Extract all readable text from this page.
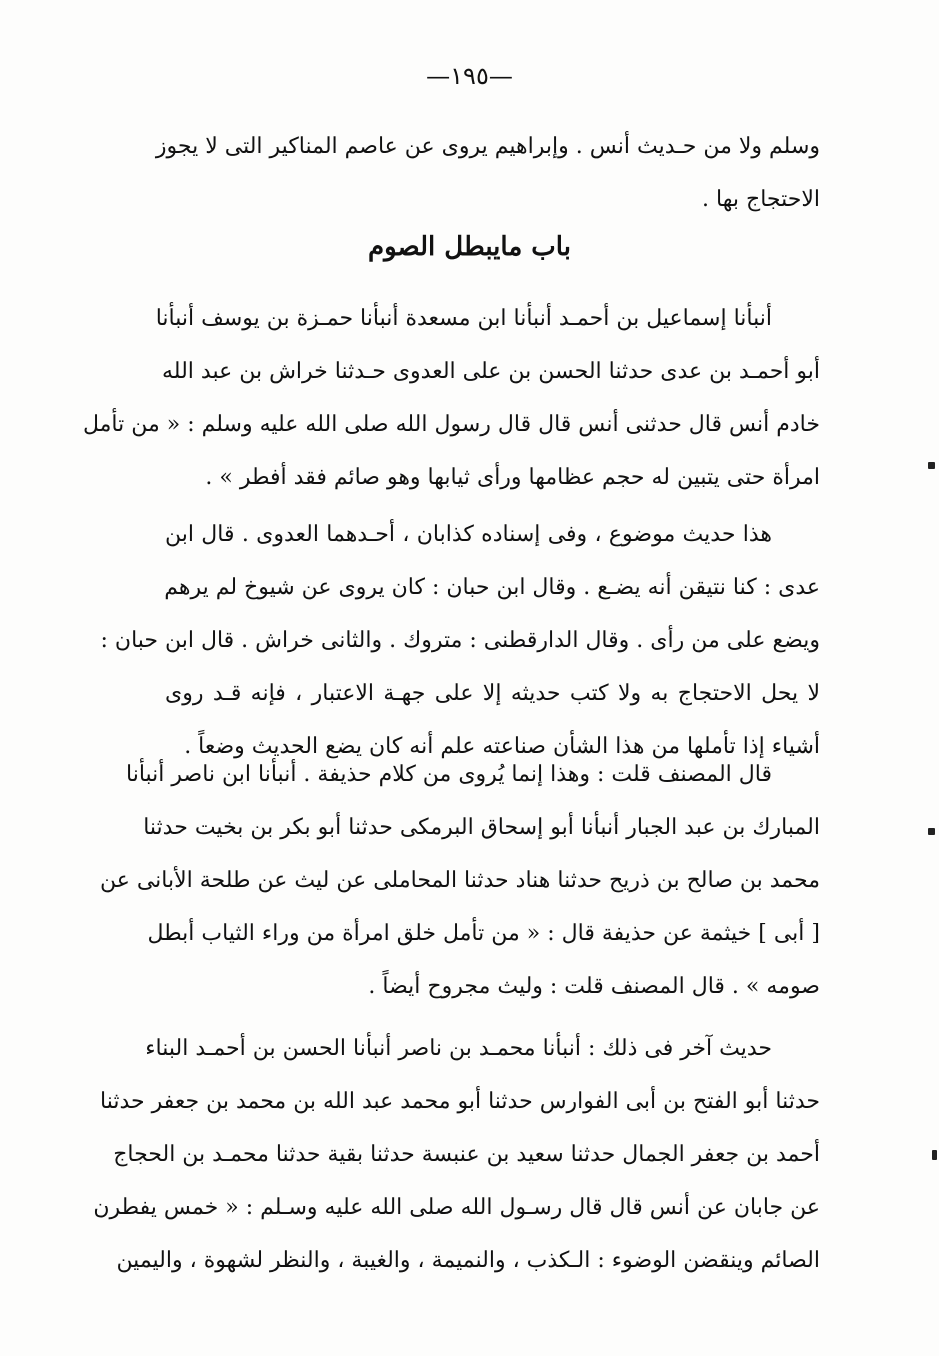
—١٩٥—
وسلم ولا من حـديث أنس . وإبراهيم يروى عن عاصم المناكير التى لا يجوز
الاحتجاج بها .
باب مايبطل الصوم
أنبأنا إسماعيل بن أحمـد أنبأنا ابن مسعدة أنبأنا حمـزة بن يوسف أنبأنا
أبو أحمـد بن عدى حدثنا الحسن بن على العدوى حـدثنا خراش بن عبد الله
خادم أنس قال حدثنى أنس قال قال رسول الله صلى الله عليه وسلم : « من تأمل
امرأة حتى يتبين له حجم عظامها ورأى ثيابها وهو صائم فقد أفطر » .
هذا حديث موضوع ، وفى إسناده كذابان ، أحـدهما العدوى . قال ابن
عدى : كنا نتيقن أنه يضـع . وقال ابن حبان : كان يروى عن شيوخ لم يرهم
ويضع على من رأى . وقال الدارقطنى : متروك . والثانى خراش . قال ابن حبان :
لا يحل الاحتجاج به ولا كتب حديثه إلا على جهـة الاعتبار ، فإنه قـد روى
أشياء إذا تأملها من هذا الشأن صناعته علم أنه كان يضع الحديث وضعاً .
قال المصنف قلت : وهذا إنما يُروى من كلام حذيفة . أنبأنا ابن ناصر أنبأنا
المبارك بن عبد الجبار أنبأنا أبو إسحاق البرمكى حدثنا أبو بكر بن بخيت حدثنا
محمد بن صالح بن ذريح حدثنا هناد حدثنا المحاملى عن ليث عن طلحة الأبانى عن
[ أبى ] خيثمة عن حذيفة قال : « من تأمل خلق امرأة من وراء الثياب أبطل
صومه » . قال المصنف قلت : وليث مجروح أيضاً .
حديث آخر فى ذلك : أنبأنا محمـد بن ناصر أنبأنا الحسن بن أحمـد البناء
حدثنا أبو الفتح بن أبى الفوارس حدثنا أبو محمد عبد الله بن محمد بن جعفر حدثنا
أحمد بن جعفر الجمال حدثنا سعيد بن عنبسة حدثنا بقية حدثنا محمـد بن الحجاج
عن جابان عن أنس قال قال رسـول الله صلى الله عليه وسـلم : « خمس يفطرن
الصائم وينقضن الوضوء : الـكذب ، والنميمة ، والغيبة ، والنظر لشهوة ، واليمين
